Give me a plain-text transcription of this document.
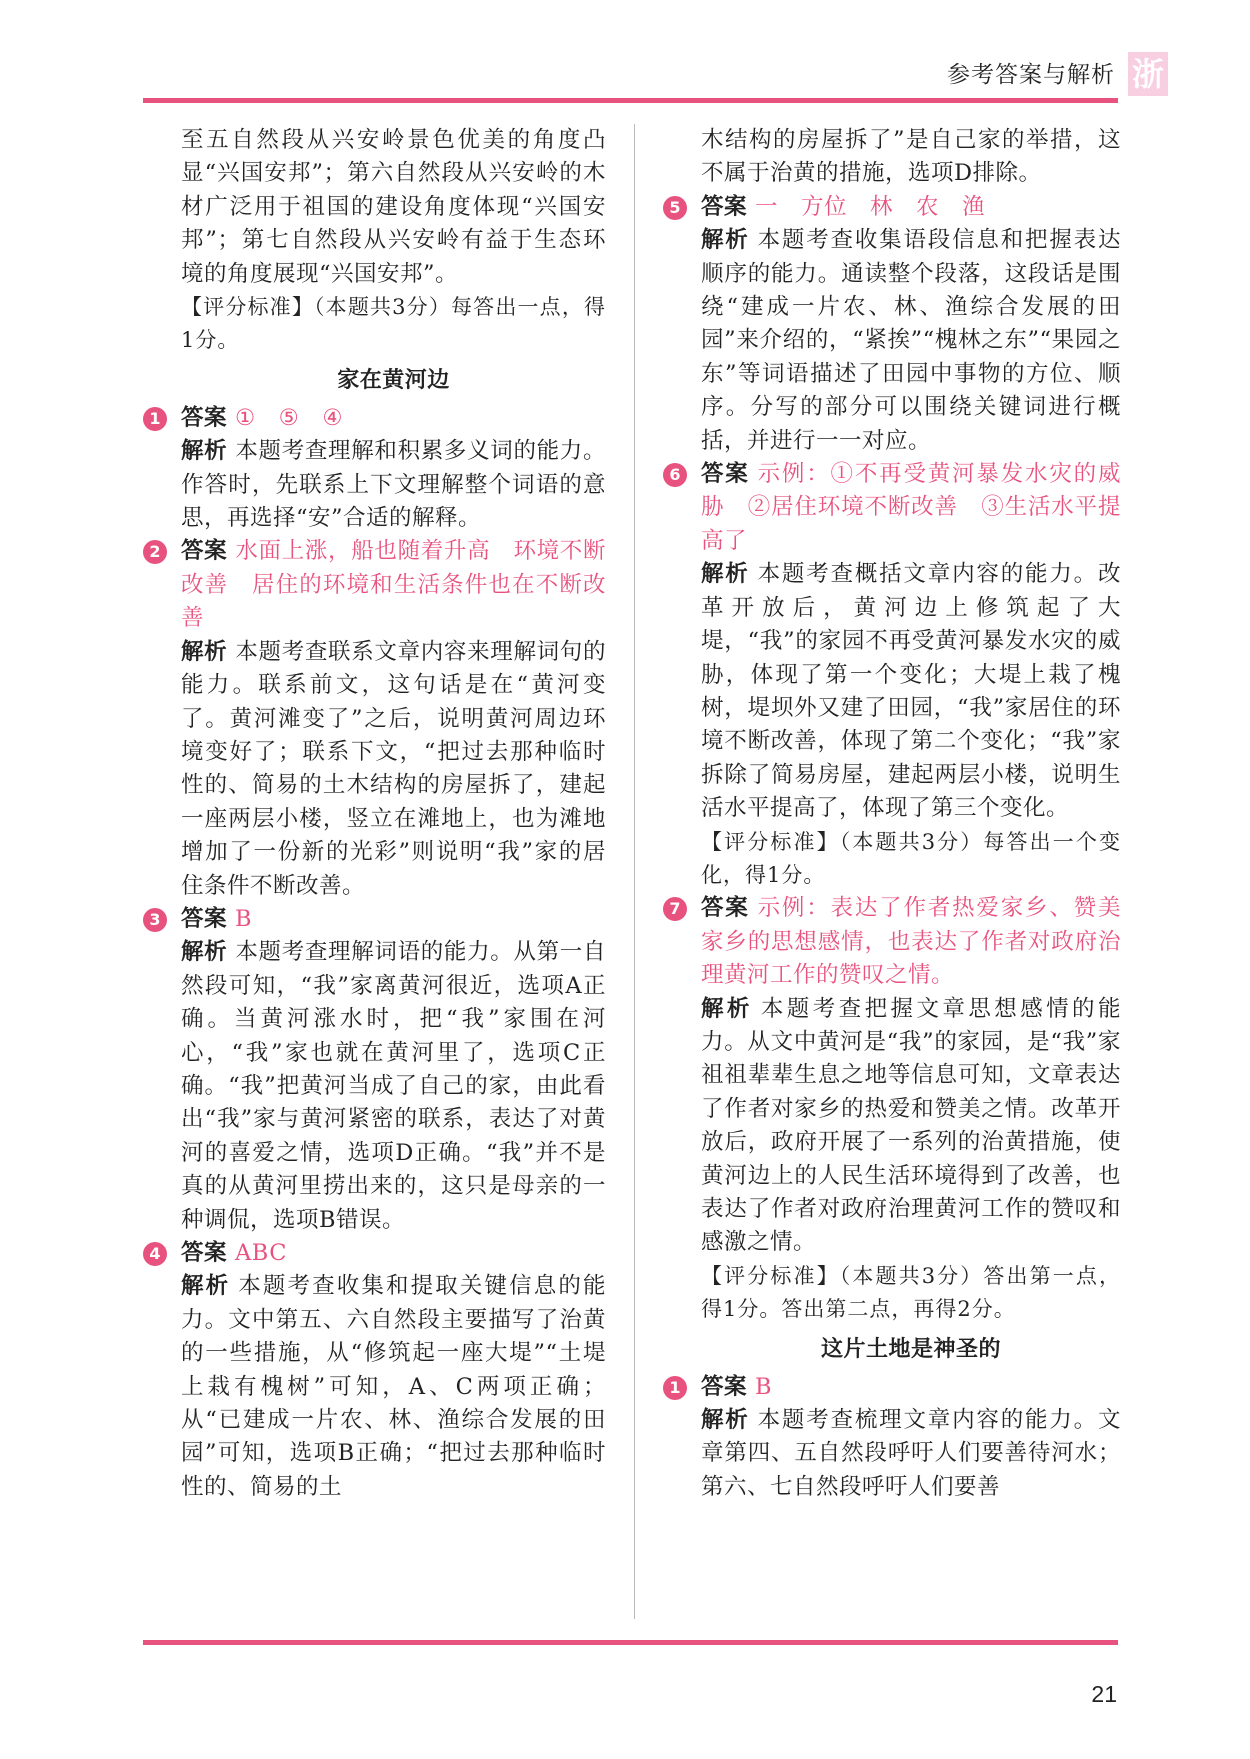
参考答案与解析 浙

至五自然段从兴安岭景色优美的角度凸显“兴国安邦”；第六自然段从兴安岭的木材广泛用于祖国的建设角度体现“兴国安邦”；第七自然段从兴安岭有益于生态环境的角度展现“兴国安邦”。

【评分标准】（本题共3分）每答出一点，得1分。

家在黄河边
1 答案 ①　⑤　④
解析 本题考查理解和积累多义词的能力。作答时，先联系上下文理解整个词语的意思，再选择“安”合适的解释。
2 答案 水面上涨，船也随着升高　环境不断改善　居住的环境和生活条件也在不断改善
解析 本题考查联系文章内容来理解词句的能力。联系前文，这句话是在“黄河变了。黄河滩变了”之后，说明黄河周边环境变好了；联系下文，“把过去那种临时性的、简易的土木结构的房屋拆了，建起一座两层小楼，竖立在滩地上，也为滩地增加了一份新的光彩”则说明“我”家的居住条件不断改善。
3 答案 B
解析 本题考查理解词语的能力。从第一自然段可知，“我”家离黄河很近，选项A正确。当黄河涨水时，把“我”家围在河心，“我”家也就在黄河里了，选项C正确。“我”把黄河当成了自己的家，由此看出“我”家与黄河紧密的联系，表达了对黄河的喜爱之情，选项D正确。“我”并不是真的从黄河里捞出来的，这只是母亲的一种调侃，选项B错误。
4 答案 ABC
解析 本题考查收集和提取关键信息的能力。文中第五、六自然段主要描写了治黄的一些措施，从“修筑起一座大堤”“土堤上栽有槐树”可知，A、C两项正确；从“已建成一片农、林、渔综合发展的田园”可知，选项B正确；“把过去那种临时性的、简易的土

木结构的房屋拆了”是自己家的举措，这不属于治黄的措施，选项D排除。

5 答案 一　方位　林　农　渔
解析 本题考查收集语段信息和把握表达顺序的能力。通读整个段落，这段话是围绕“建成一片农、林、渔综合发展的田园”来介绍的，“紧挨”“槐林之东”“果园之东”等词语描述了田园中事物的方位、顺序。分写的部分可以围绕关键词进行概括，并进行一一对应。
6 答案 示例：①不再受黄河暴发水灾的威胁　②居住环境不断改善　③生活水平提高了
解析 本题考查概括文章内容的能力。改革开放后，黄河边上修筑起了大堤，“我”的家园不再受黄河暴发水灾的威胁，体现了第一个变化；大堤上栽了槐树，堤坝外又建了田园，“我”家居住的环境不断改善，体现了第二个变化；“我”家拆除了简易房屋，建起两层小楼，说明生活水平提高了，体现了第三个变化。
【评分标准】（本题共3分）每答出一个变化，得1分。
7 答案 示例：表达了作者热爱家乡、赞美家乡的思想感情，也表达了作者对政府治理黄河工作的赞叹之情。
解析 本题考查把握文章思想感情的能力。从文中黄河是“我”的家园，是“我”家祖祖辈辈生息之地等信息可知，文章表达了作者对家乡的热爱和赞美之情。改革开放后，政府开展了一系列的治黄措施，使黄河边上的人民生活环境得到了改善，也表达了作者对政府治理黄河工作的赞叹和感激之情。
【评分标准】（本题共3分）答出第一点，得1分。答出第二点，再得2分。
这片土地是神圣的
1 答案 B
解析 本题考查梳理文章内容的能力。文章第四、五自然段呼吁人们要善待河水；第六、七自然段呼吁人们要善
21
